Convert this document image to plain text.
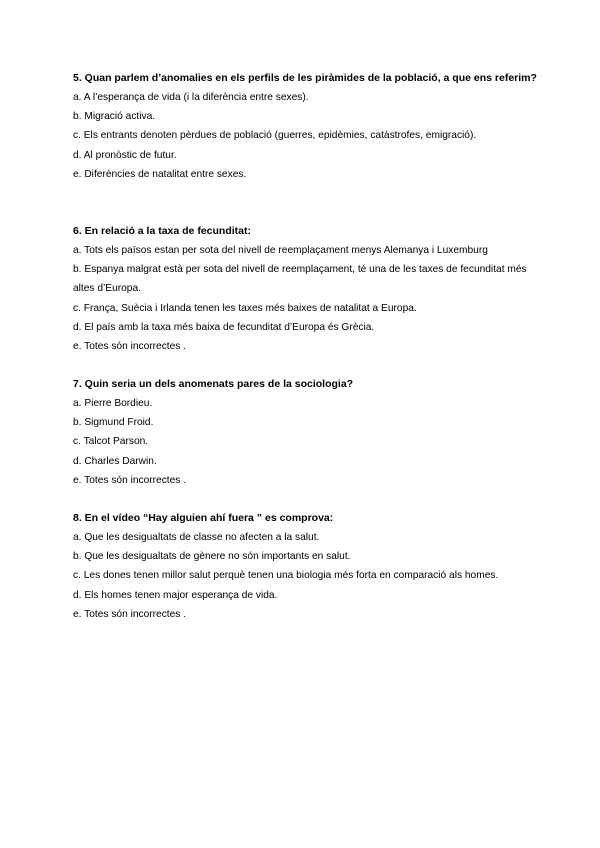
5. Quan parlem d’anomalies en els perfils de les piràmides de la població, a que ens referim?

a. A l’esperança de vida (i la diferència entre sexes).

b. Migració activa.

c. Els entrants denoten pèrdues de població (guerres, epidèmies, catàstrofes, emigració).

d. Al pronòstic de futur.

e. Diferències de natalitat entre sexes.

6. En relació a la taxa de fecunditat:

a. Tots els països estan per sota del nivell de reemplaçament menys Alemanya i Luxemburg

b. Espanya malgrat està per sota del nivell de reemplaçament, té una de les taxes de fecunditat més altes d’Europa.

c. França, Suècia i Irlanda tenen les taxes més baixes de natalitat a Europa.

d. El país amb la taxa més baixa de fecunditat d’Europa és Grècia.

e. Totes són incorrectes .

7. Quin seria un dels anomenats pares de la sociologia?

a. Pierre Bordieu.

b. Sigmund Froid.

c. Talcot Parson.

d. Charles Darwin.

e. Totes són incorrectes .

8. En el vídeo “Hay alguien ahí fuera ” es comprova:

a. Que les desigualtats de classe no afecten a la salut.

b. Que les desigualtats de gènere no són importants en salut.

c. Les dones tenen millor salut perquè tenen una biologia més forta en comparació als homes.

d. Els homes tenen major esperança de vida.

e. Totes són incorrectes .
